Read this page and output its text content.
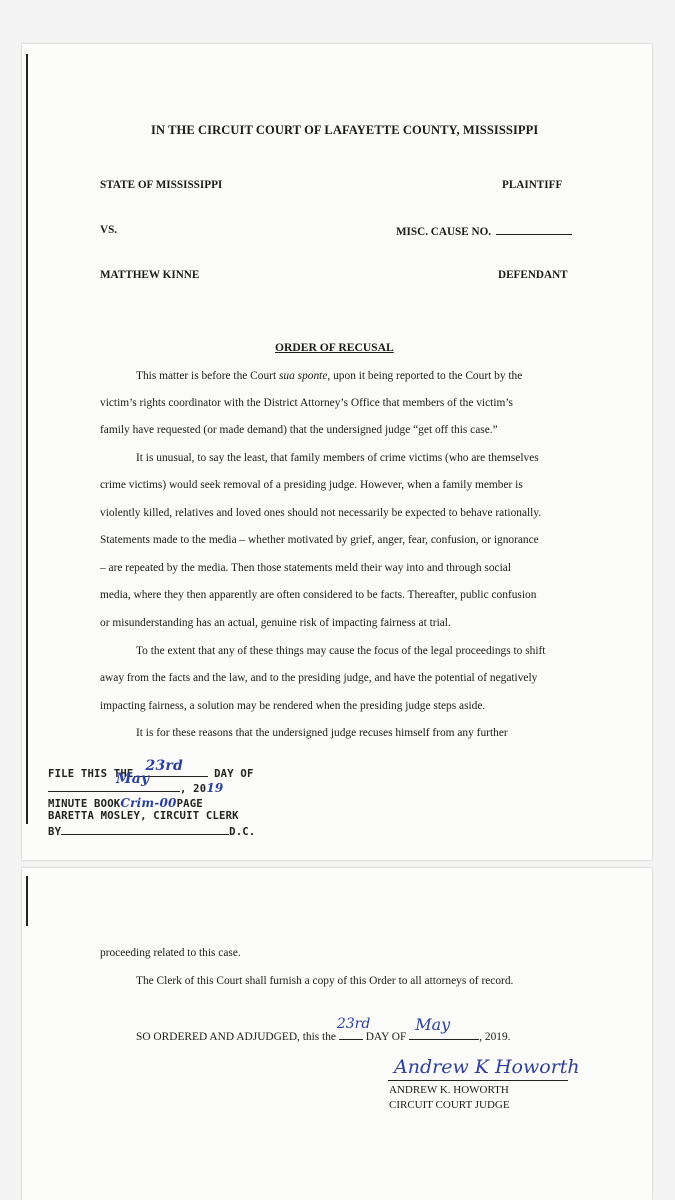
IN THE CIRCUIT COURT OF LAFAYETTE COUNTY, MISSISSIPPI
STATE OF MISSISSIPPI	PLAINTIFF
VS.	MISC. CAUSE NO.
MATTHEW KINNE	DEFENDANT
ORDER OF RECUSAL
This matter is before the Court sua sponte, upon it being reported to the Court by the
victim’s rights coordinator with the District Attorney’s Office that members of the victim’s
family have requested (or made demand) that the undersigned judge “get off this case.”
It is unusual, to say the least, that family members of crime victims (who are themselves
crime victims) would seek removal of a presiding judge. However, when a family member is
violently killed, relatives and loved ones should not necessarily be expected to behave rationally.
Statements made to the media – whether motivated by grief, anger, fear, confusion, or ignorance
– are repeated by the media. Then those statements meld their way into and through social
media, where they then apparently are often considered to be facts. Thereafter, public confusion
or misunderstanding has an actual, genuine risk of impacting fairness at trial.
To the extent that any of these things may cause the focus of the legal proceedings to shift
away from the facts and the law, and to the presiding judge, and have the potential of negatively
impacting fairness, a solution may be rendered when the presiding judge steps aside.
It is for these reasons that the undersigned judge recuses himself from any further
FILE THIS THE 23rd	DAY OF
May
, 2019
MINUTE BOOKCrim-00PAGE
BARETTA MOSLEY, CIRCUIT CLERK
BY	D.C.
proceeding related to this case.
The Clerk of this Court shall furnish a copy of this Order to all attorneys of record.
SO ORDERED AND ADJUDGED, this the
23rd
DAY OF
May
, 2019.
Andrew K Howorth
ANDREW K. HOWORTH
CIRCUIT COURT JUDGE
